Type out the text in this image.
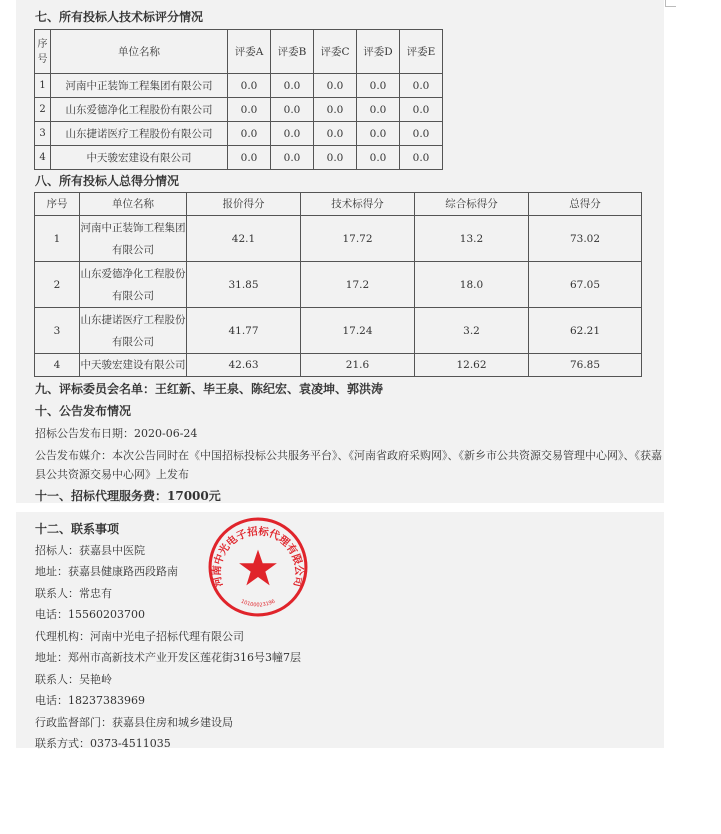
七、所有投标人技术标评分情况
序号	单位名称	评委A	评委B	评委C	评委D	评委E
1	河南中正装饰工程集团有限公司	0.0	0.0	0.0	0.0	0.0
2	山东爱德净化工程股份有限公司	0.0	0.0	0.0	0.0	0.0
3	山东捷诺医疗工程股份有限公司	0.0	0.0	0.0	0.0	0.0
4	中天骏宏建设有限公司	0.0	0.0	0.0	0.0	0.0
八、所有投标人总得分情况
序号	单位名称	报价得分	技术标得分	综合标得分	总得分
1	河南中正装饰工程集团有限公司	42.1	17.72	13.2	73.02
2	山东爱德净化工程股份有限公司	31.85	17.2	18.0	67.05
3	山东捷诺医疗工程股份有限公司	41.77	17.24	3.2	62.21
4	中天骏宏建设有限公司	42.63	21.6	12.62	76.85
九、评标委员会名单：王红新、毕王泉、陈纪宏、袁凌坤、郭洪涛
十、公告发布情况
招标公告发布日期：2020-06-24
公告发布媒介：本次公告同时在《中国招标投标公共服务平台》、《河南省政府采购网》、《新乡市公共资源交易管理中心网》、《获嘉
县公共资源交易中心网》上发布
十一、招标代理服务费：17000元
十二、联系事项
招标人：获嘉县中医院
地址：获嘉县健康路西段路南
联系人：常忠有
电话：15560203700
代理机构：河南中光电子招标代理有限公司
地址：郑州市高新技术产业开发区莲花街316号3幢7层
联系人：吴艳岭
电话：18237383969
行政监督部门：获嘉县住房和城乡建设局
联系方式：0373-4511035
河南中光电子招标代理有限公司
10100023196
